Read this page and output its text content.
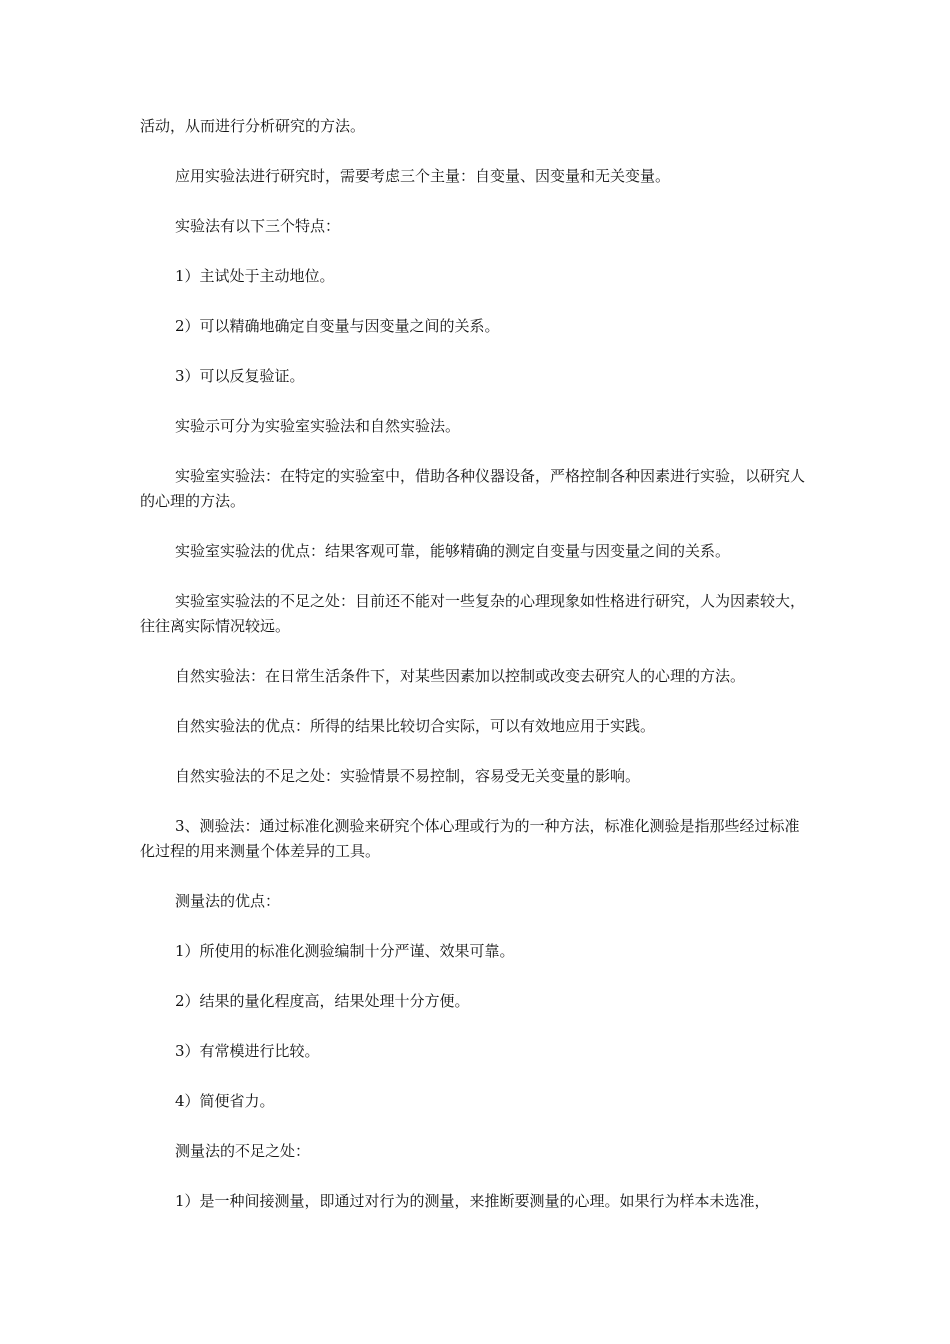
活动，从而进行分析研究的方法。

应用实验法进行研究时，需要考虑三个主量：自变量、因变量和无关变量。

实验法有以下三个特点：

1）主试处于主动地位。

2）可以精确地确定自变量与因变量之间的关系。

3）可以反复验证。

实验示可分为实验室实验法和自然实验法。

实验室实验法：在特定的实验室中，借助各种仪器设备，严格控制各种因素进行实验，以研究人的心理的方法。

实验室实验法的优点：结果客观可靠，能够精确的测定自变量与因变量之间的关系。

实验室实验法的不足之处：目前还不能对一些复杂的心理现象如性格进行研究，人为因素较大，往往离实际情况较远。

自然实验法：在日常生活条件下，对某些因素加以控制或改变去研究人的心理的方法。

自然实验法的优点：所得的结果比较切合实际，可以有效地应用于实践。

自然实验法的不足之处：实验情景不易控制，容易受无关变量的影响。

3、测验法：通过标准化测验来研究个体心理或行为的一种方法，标准化测验是指那些经过标准化过程的用来测量个体差异的工具。

测量法的优点：

1）所使用的标准化测验编制十分严谨、效果可靠。

2）结果的量化程度高，结果处理十分方便。

3）有常模进行比较。

4）简便省力。

测量法的不足之处：

1）是一种间接测量，即通过对行为的测量，来推断要测量的心理。如果行为样本未选准，
